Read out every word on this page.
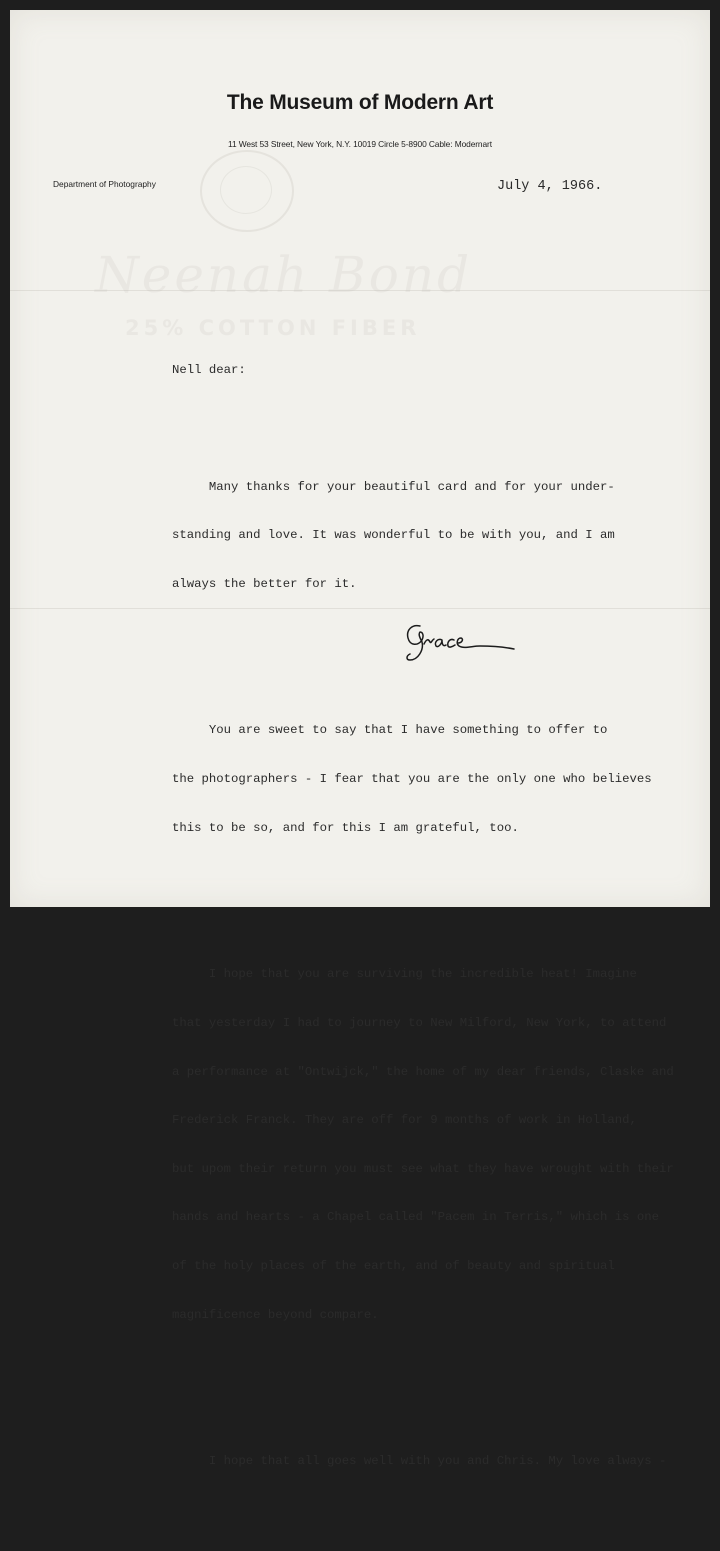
Neenah Bond
25% COTTON FIBER
The Museum of Modern Art
11 West 53 Street, New York, N.Y. 10019 Circle 5-8900 Cable: Modernart
Department of Photography	July 4, 1966.

Nell dear:

Many thanks for your beautiful card and for your under-

standing and love. It was wonderful to be with you, and I am

always the better for it.

You are sweet to say that I have something to offer to

the photographers - I fear that you are the only one who believes

this to be so, and for this I am grateful, too.

I hope that you are surviving the incredible heat! Imagine

that yesterday I had to journey to New Milford, New York, to attend

a performance at "Ontwijck," the home of my dear friends, Claske and

Frederick Franck. They are off for 9 months of work in Holland,

but upom their return you must see what they have wrought with their

hands and hearts - a Chapel called "Pacem in Terris," which is one

of the holy places of the earth, and of beauty and spiritual

magnificence beyond compare.

I hope that all goes well with you and Chris. My love always -
